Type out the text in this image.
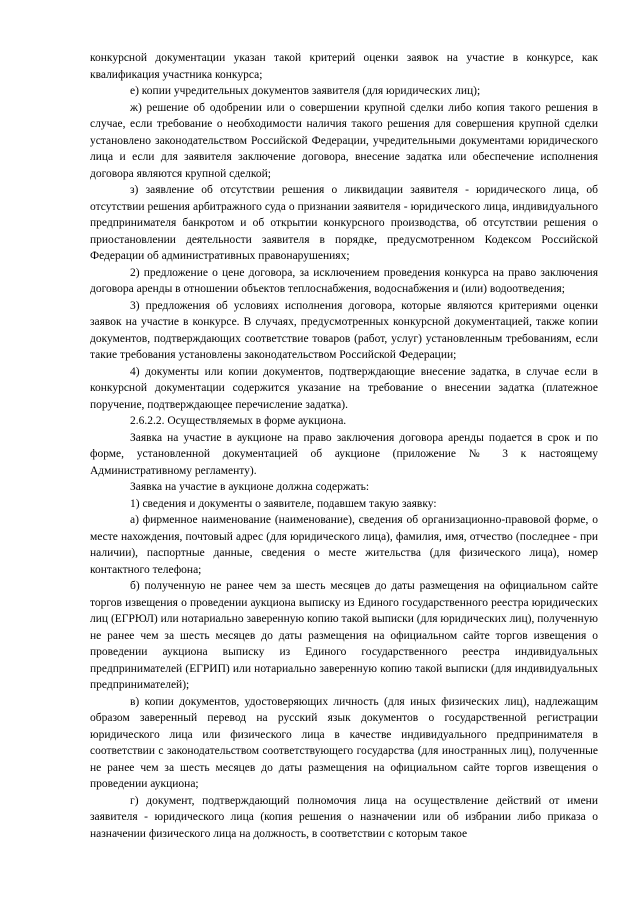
конкурсной документации указан такой критерий оценки заявок на участие в конкурсе, как квалификация участника конкурса;

е) копии учредительных документов заявителя (для юридических лиц);

ж) решение об одобрении или о совершении крупной сделки либо копия такого решения в случае, если требование о необходимости наличия такого решения для совершения крупной сделки установлено законодательством Российской Федерации, учредительными документами юридического лица и если для заявителя заключение договора, внесение задатка или обеспечение исполнения договора являются крупной сделкой;

з) заявление об отсутствии решения о ликвидации заявителя - юридического лица, об отсутствии решения арбитражного суда о признании заявителя - юридического лица, индивидуального предпринимателя банкротом и об открытии конкурсного производства, об отсутствии решения о приостановлении деятельности заявителя в порядке, предусмотренном Кодексом Российской Федерации об административных правонарушениях;

2) предложение о цене договора, за исключением проведения конкурса на право заключения договора аренды в отношении объектов теплоснабжения, водоснабжения и (или) водоотведения;

3) предложения об условиях исполнения договора, которые являются критериями оценки заявок на участие в конкурсе. В случаях, предусмотренных конкурсной документацией, также копии документов, подтверждающих соответствие товаров (работ, услуг) установленным требованиям, если такие требования установлены законодательством Российской Федерации;

4) документы или копии документов, подтверждающие внесение задатка, в случае если в конкурсной документации содержится указание на требование о внесении задатка (платежное поручение, подтверждающее перечисление задатка).

2.6.2.2. Осуществляемых в форме аукциона.

Заявка на участие в аукционе на право заключения договора аренды подается в срок и по форме, установленной документацией об аукционе (приложение № 3 к настоящему Административному регламенту).

Заявка на участие в аукционе должна содержать:

1) сведения и документы о заявителе, подавшем такую заявку:

а) фирменное наименование (наименование), сведения об организационно-правовой форме, о месте нахождения, почтовый адрес (для юридического лица), фамилия, имя, отчество (последнее - при наличии), паспортные данные, сведения о месте жительства (для физического лица), номер контактного телефона;

б) полученную не ранее чем за шесть месяцев до даты размещения на официальном сайте торгов извещения о проведении аукциона выписку из Единого государственного реестра юридических лиц (ЕГРЮЛ) или нотариально заверенную копию такой выписки (для юридических лиц), полученную не ранее чем за шесть месяцев до даты размещения на официальном сайте торгов извещения о проведении аукциона выписку из Единого государственного реестра индивидуальных предпринимателей (ЕГРИП) или нотариально заверенную копию такой выписки (для индивидуальных предпринимателей);

в) копии документов, удостоверяющих личность (для иных физических лиц), надлежащим образом заверенный перевод на русский язык документов о государственной регистрации юридического лица или физического лица в качестве индивидуального предпринимателя в соответствии с законодательством соответствующего государства (для иностранных лиц), полученные не ранее чем за шесть месяцев до даты размещения на официальном сайте торгов извещения о проведении аукциона;

г) документ, подтверждающий полномочия лица на осуществление действий от имени заявителя - юридического лица (копия решения о назначении или об избрании либо приказа о назначении физического лица на должность, в соответствии с которым такое
